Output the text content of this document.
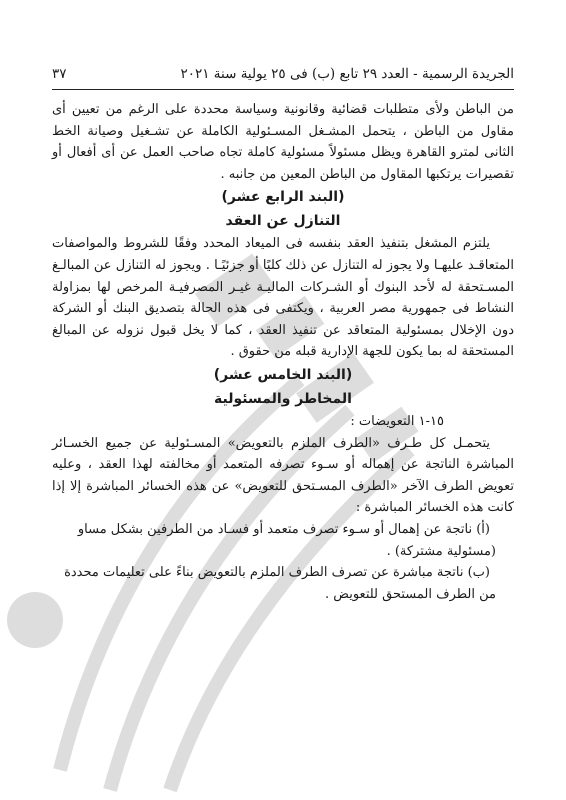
الجريدة الرسمية - العدد ٢٩ تابع (ب) فى ٢٥ يولية سنة ٢٠٢١
٣٧

من الباطن ولأى متطلبات قضائية وقانونية وسياسة محددة على الرغم من تعيين أى مقاول من الباطن ، يتحمل المشـغل المسـئولية الكاملة عن تشـغيل وصيانة الخط الثانى لمترو القاهرة ويظل مسئولاً مسئولية كاملة تجاه صاحب العمل عن أى أفعال أو تقصيرات يرتكبها المقاول من الباطن المعين من جانبه .

(البند الرابع عشر)

التنازل عن العقد

يلتزم المشغل بتنفيذ العقد بنفسه فى الميعاد المحدد وفقًا للشروط والمواصفات المتعاقـد عليهـا ولا يجوز له التنازل عن ذلك كليًا أو جزئيًـا . ويجوز له التنازل عن المبالـغ المسـتحقة له لأحد البنوك أو الشـركات الماليـة غيـر المصرفيـة المرخص لها بمزاولة النشاط فى جمهورية مصر العربية ، ويكتفى فى هذه الحالة بتصديق البنك أو الشركة دون الإخلال بمسئولية المتعاقد عن تنفيذ العقد ، كما لا يخل قبول نزوله عن المبالغ المستحقة له بما يكون للجهة الإدارية قبله من حقوق .

(البند الخامس عشر)

المخاطر والمسئولية

١٥-١ التعويضات :

يتحمـل كل طـرف «الطرف الملزم بالتعويض» المسـئولية عن جميع الخسـائر المباشرة الناتجة عن إهماله أو سـوء تصرفه المتعمد أو مخالفته لهذا العقد ، وعليه تعويض الطرف الآخر «الطرف المسـتحق للتعويض» عن هذه الخسائر المباشرة إلا إذا كانت هذه الخسائر المباشرة :

(أ) ناتجة عن إهمال أو سـوء تصرف متعمد أو فسـاد من الطرفين بشكل مساو

(مسئولية مشتركة) .

(ب) ناتجة مباشرة عن تصرف الطرف الملزم بالتعويض بناءً على تعليمات محددة

من الطرف المستحق للتعويض .
